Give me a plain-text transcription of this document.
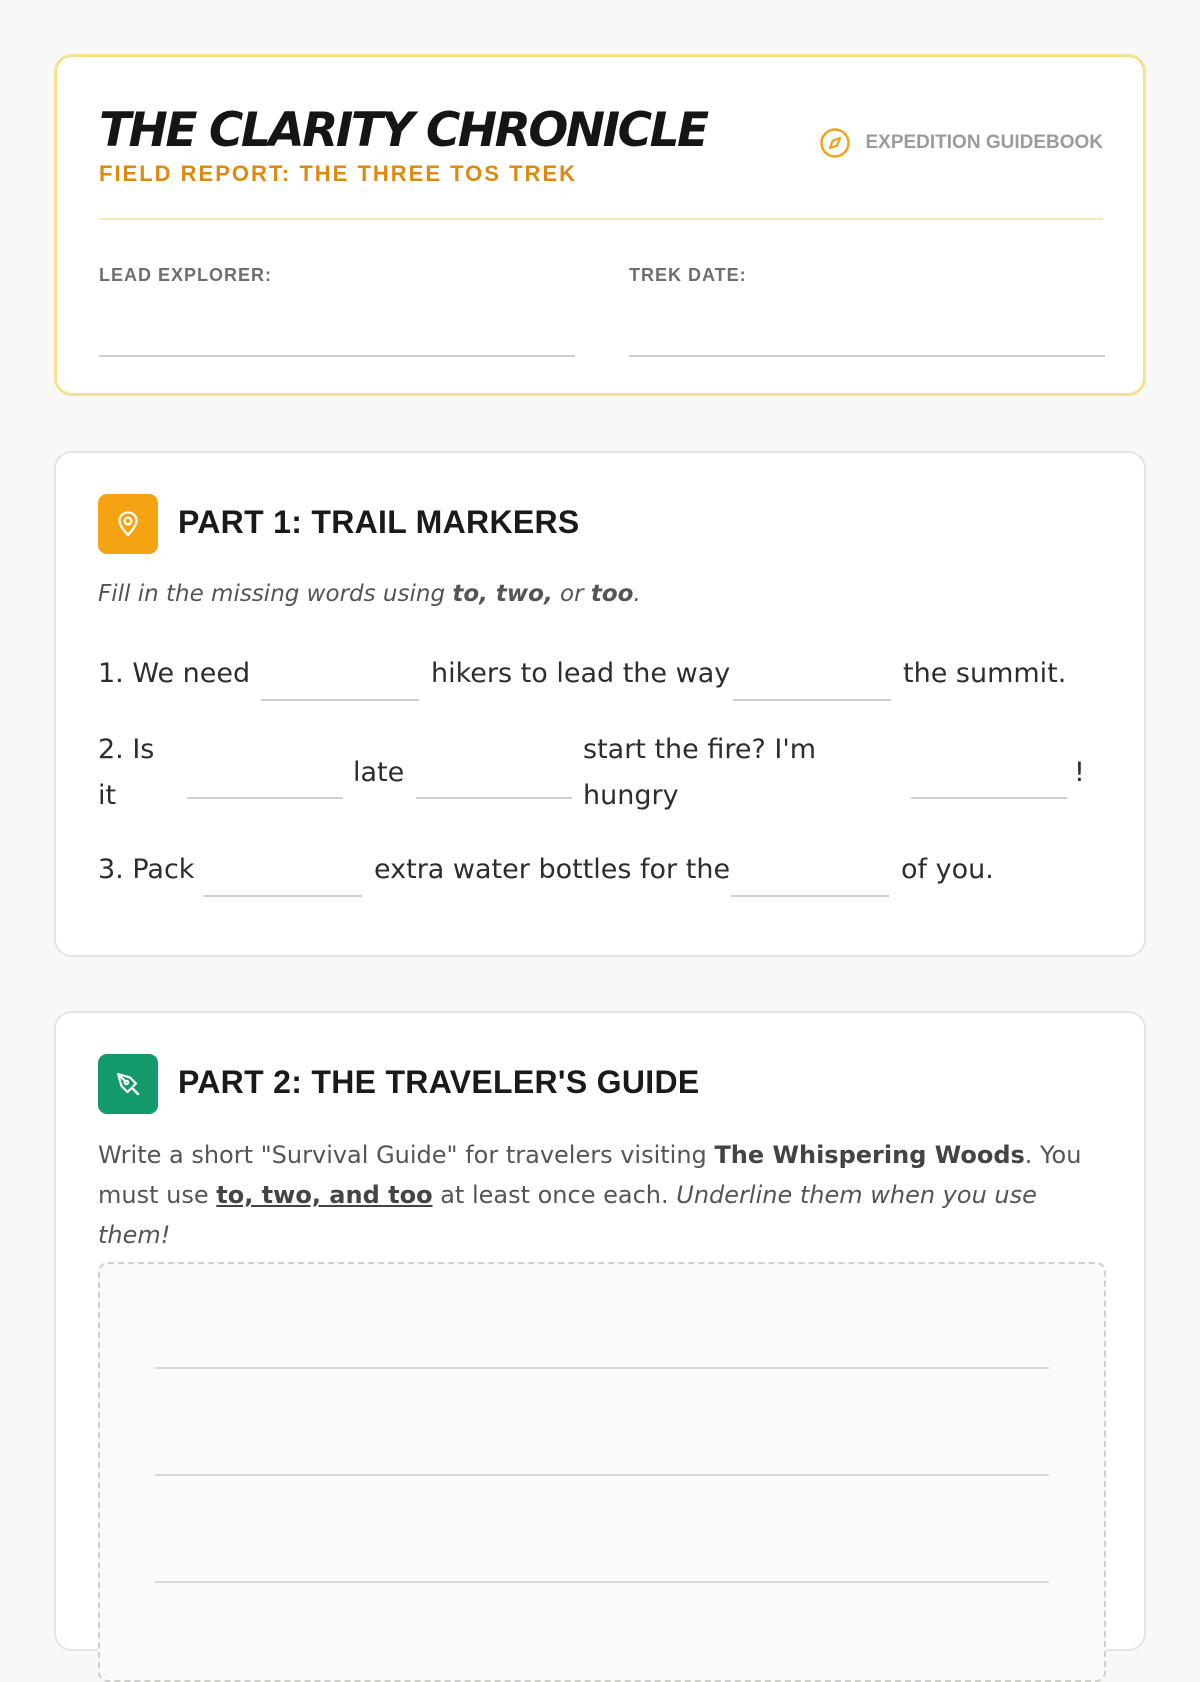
THE CLARITY CHRONICLE
FIELD REPORT: THE THREE TOS TREK
EXPEDITION GUIDEBOOK
LEAD EXPLORER:	TREK DATE:
PART 1: TRAIL MARKERS
Fill in the missing words using to, two, or too.
1. We need	hikers to lead the way	the summit.
2. Is
it
late
start the fire? I'm
hungry
!
3. Pack	extra water bottles for the	of you.
PART 2: THE TRAVELER'S GUIDE
Write a short "Survival Guide" for travelers visiting The Whispering Woods. You must use to, two, and too at least once each. Underline them when you use them!
